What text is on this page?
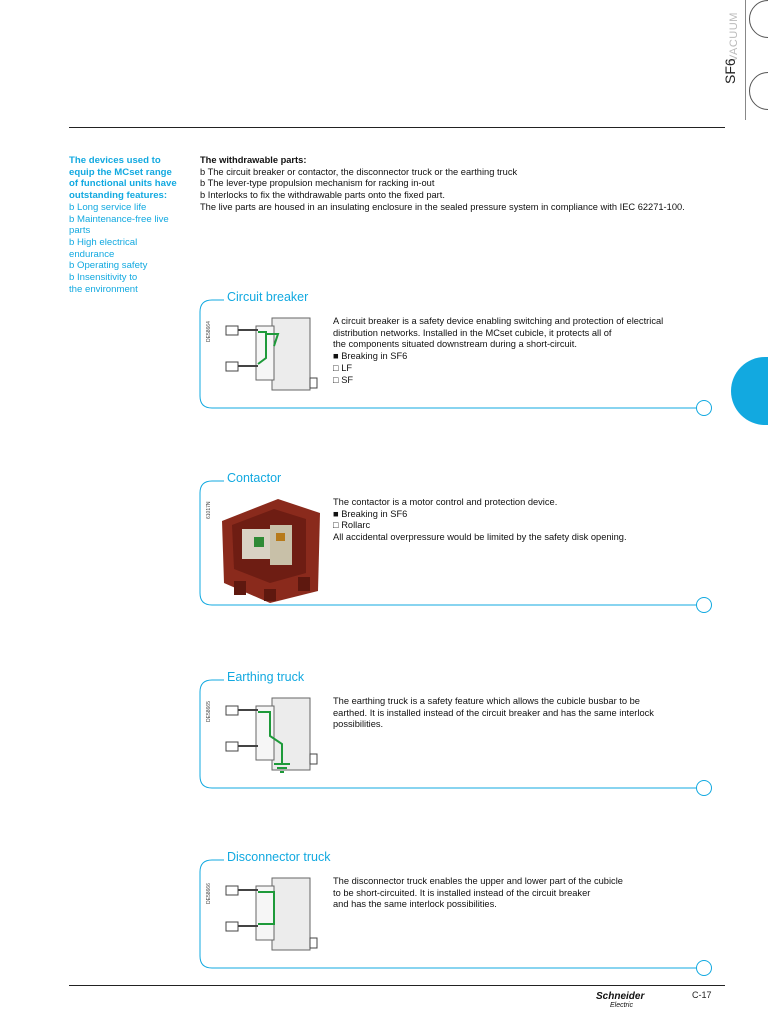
VACUUM
SF6
The devices used to
equip the MCset range
of functional units have
outstanding features:
b Long service life
b Maintenance-free live
parts
b High electrical
endurance
b Operating safety
b Insensitivity to
the environment
The withdrawable parts:
b The circuit breaker or contactor, the disconnector truck or the earthing truck
b The lever-type propulsion mechanism for racking in-out
b Interlocks to fix the withdrawable parts onto the fixed part.
The live parts are housed in an insulating enclosure in the sealed pressure system in compliance with IEC 62271-100.
Circuit breaker
DE58664
A circuit breaker is a safety device enabling switching and protection of electrical
distribution networks. Installed in the MCset cubicle, it protects all of
the components situated downstream during a short-circuit.
■ Breaking in SF6
□ LF
□ SF
Contactor
61017N	The contactor is a motor control and protection device.
■ Breaking in SF6
□ Rollarc
All accidental overpressure would be limited by the safety disk opening.
Earthing truck
DE58665
The earthing truck is a safety feature which allows the cubicle busbar to be
earthed. It is installed instead of the circuit breaker and has the same interlock
possibilities.
Disconnector truck
DE58666
The disconnector truck enables the upper and lower part of the cubicle
to be short-circuited. It is installed instead of the circuit breaker
and has the same interlock possibilities.
Schneider
Electric
C-17
